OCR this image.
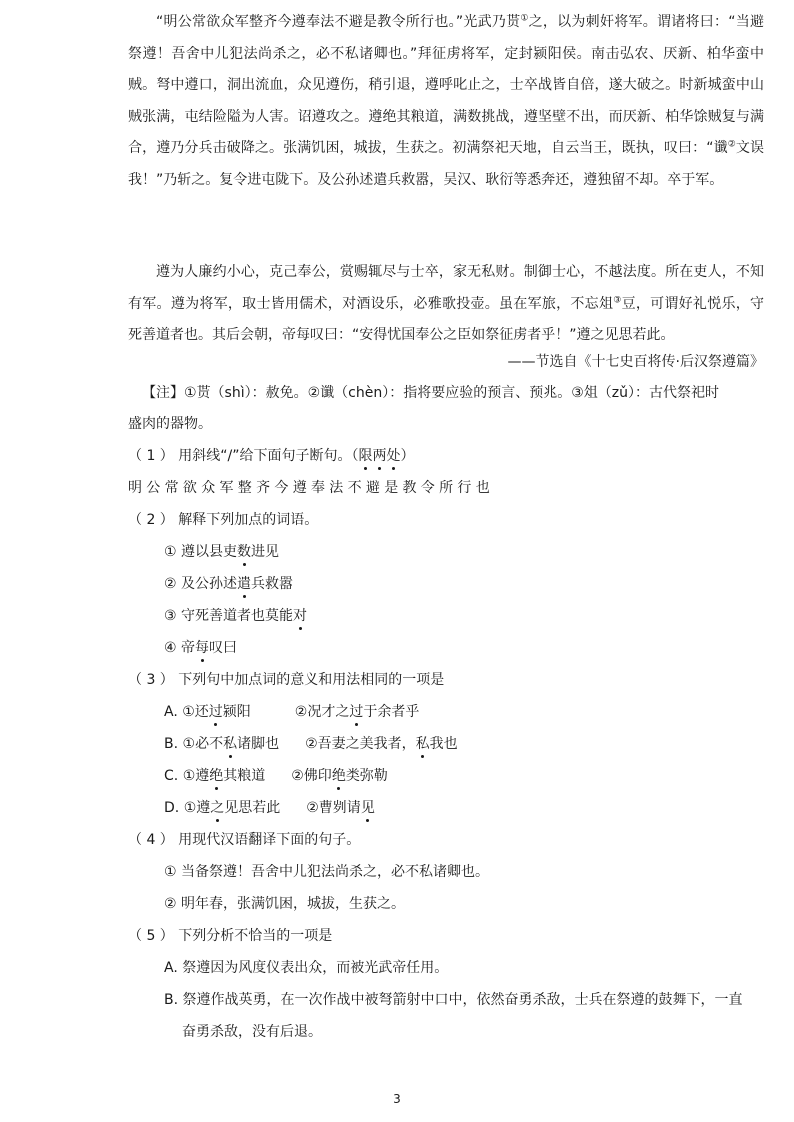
“明公常欲众军整齐今遵奉法不避是教令所行也。”光武乃贳①之，以为刺奸将军。谓诸将曰：“当避祭遵！吾舍中儿犯法尚杀之，必不私诸卿也。”拜征虏将军，定封颍阳侯。南击弘农、厌新、柏华蛮中贼。弩中遵口，洞出流血，众见遵伤，稍引退，遵呼叱止之，士卒战皆自倍，遂大破之。时新城蛮中山贼张满，屯结险隘为人害。诏遵攻之。遵绝其粮道，满数挑战，遵坚壁不出，而厌新、柏华馀贼复与满合，遵乃分兵击破降之。张满饥困，城拔，生获之。初满祭祀天地，自云当王，既执，叹曰：“谶②文误我！”乃斩之。复令进屯陇下。及公孙述遣兵救嚣，吴汉、耿衍等悉奔还，遵独留不却。卒于军。

遵为人廉约小心，克己奉公，赏赐辄尽与士卒，家无私财。制御士心，不越法度。所在吏人，不知有军。遵为将军，取士皆用儒术，对酒设乐，必雅歌投壶。虽在军旅，不忘俎③豆，可谓好礼悦乐，守死善道者也。其后会朝，帝每叹曰：“安得忧国奉公之臣如祭征虏者乎！”遵之见思若此。

——节选自《十七史百将传·后汉祭遵篇》
【注】①贳（shì）：赦免。②谶（chèn）：指将要应验的预言、预兆。③俎（zǔ）：古代祭祀时
盛肉的器物。
（ 1 ） 用斜线“/”给下面句子断句。（限两处）
明公常欲众军整齐今遵奉法不避是教令所行也
（ 2 ） 解释下列加点的词语。
① 遵以县吏数进见
② 及公孙述遣兵救嚣
③ 守死善道者也莫能对
④ 帝每叹曰
（ 3 ） 下列句中加点词的意义和用法相同的一项是
A. ①还过颍阳	②况才之过于余者乎
B. ①必不私诸脚也 ②吾妻之美我者，私我也
C. ①遵绝其粮道 ②佛印绝类弥勒
D. ①遵之见思若此 ②曹刿请见
（ 4 ） 用现代汉语翻译下面的句子。
① 当备祭遵！吾舍中儿犯法尚杀之，必不私诸卿也。
② 明年春，张满饥困，城拔，生获之。
（ 5 ） 下列分析不恰当的一项是
A. 祭遵因为风度仪表出众，而被光武帝任用。
B. 祭遵作战英勇，在一次作战中被弩箭射中口中，依然奋勇杀敌，士兵在祭遵的鼓舞下，一直
奋勇杀敌，没有后退。
3
